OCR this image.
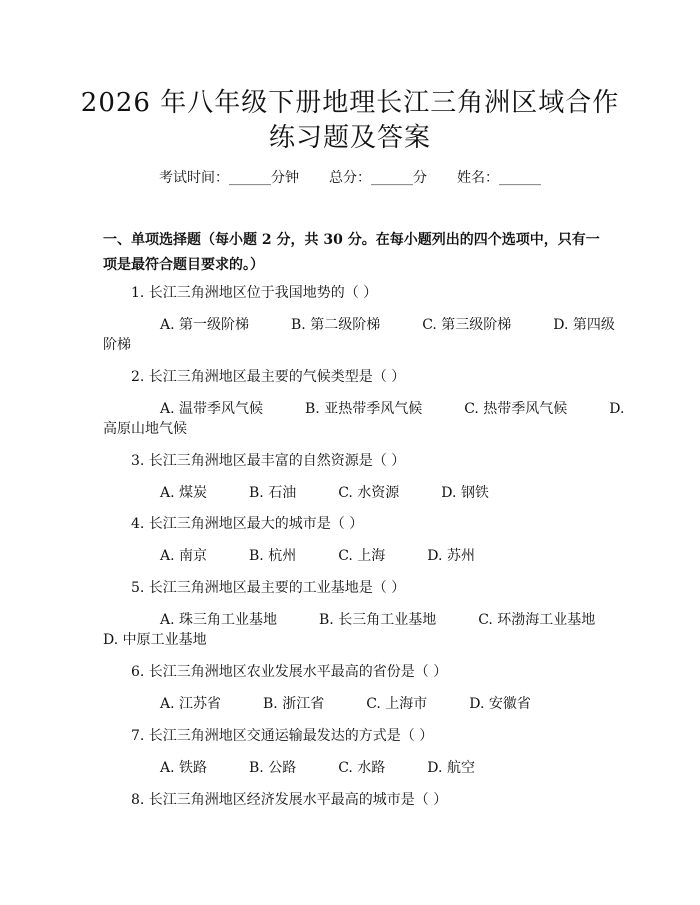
2026 年八年级下册地理长江三角洲区域合作
练习题及答案
考试时间：______分钟 总分：______分 姓名：______
一、单项选择题（每小题 2 分，共 30 分。在每小题列出的四个选项中，只有一项是最符合题目要求的。）
1. 长江三角洲地区位于我国地势的（ ）
A. 第一级阶梯　　　B. 第二级阶梯　　　C. 第三级阶梯　　　D. 第四级
阶梯
2. 长江三角洲地区最主要的气候类型是（ ）
A. 温带季风气候　　　B. 亚热带季风气候　　　C. 热带季风气候　　　D.
高原山地气候
3. 长江三角洲地区最丰富的自然资源是（ ）
A. 煤炭　　　B. 石油　　　C. 水资源　　　D. 钢铁
4. 长江三角洲地区最大的城市是（ ）
A. 南京　　　B. 杭州　　　C. 上海　　　D. 苏州
5. 长江三角洲地区最主要的工业基地是（ ）
A. 珠三角工业基地　　　B. 长三角工业基地　　　C. 环渤海工业基地
D. 中原工业基地
6. 长江三角洲地区农业发展水平最高的省份是（ ）
A. 江苏省　　　B. 浙江省　　　C. 上海市　　　D. 安徽省
7. 长江三角洲地区交通运输最发达的方式是（ ）
A. 铁路　　　B. 公路　　　C. 水路　　　D. 航空
8. 长江三角洲地区经济发展水平最高的城市是（ ）
